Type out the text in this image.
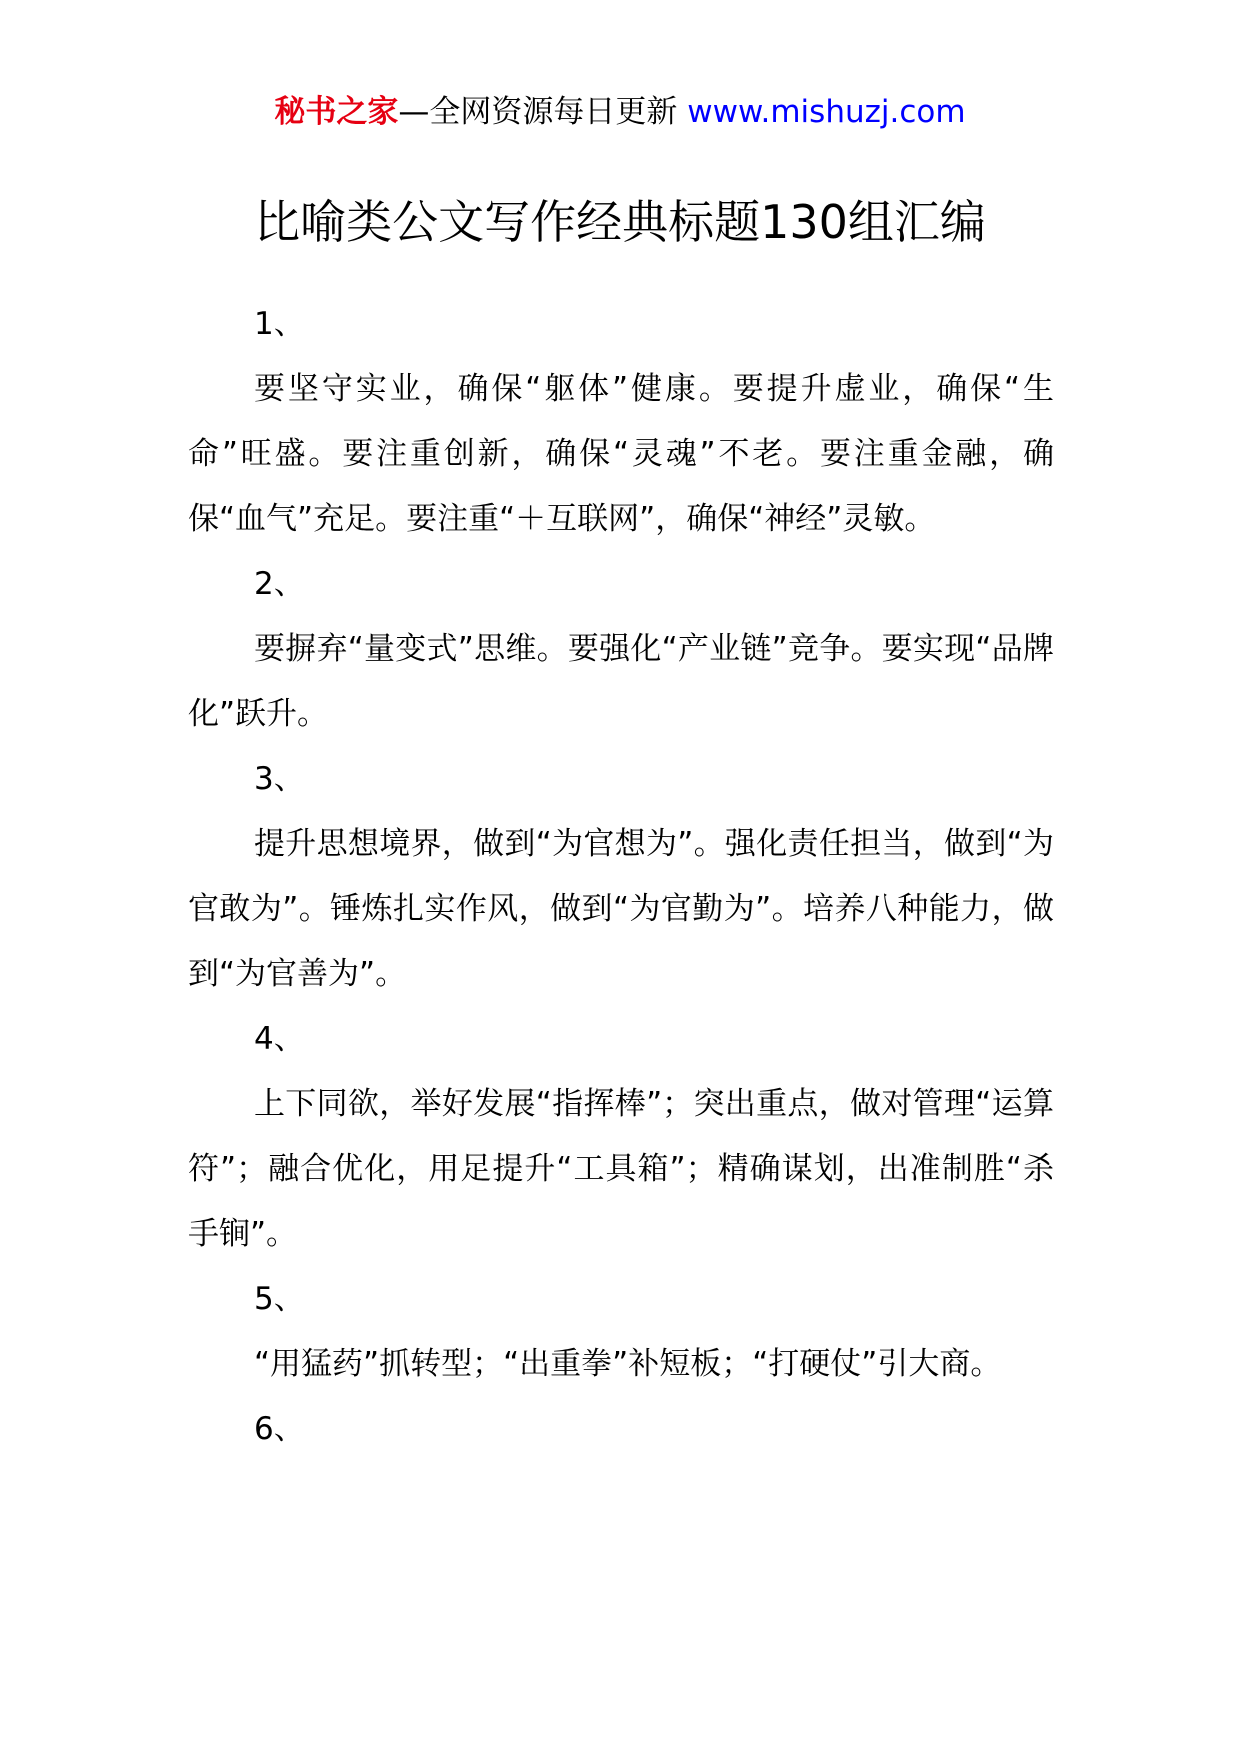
秘书之家—全网资源每日更新 www.mishuzj.com
比喻类公文写作经典标题130组汇编

1、

要坚守实业，确保“躯体”健康。要提升虚业，确保“生命”旺盛。要注重创新，确保“灵魂”不老。要注重金融，确保“血气”充足。要注重“＋互联网”，确保“神经”灵敏。

2、

要摒弃“量变式”思维。要强化“产业链”竞争。要实现“品牌化”跃升。

3、

提升思想境界，做到“为官想为”。强化责任担当，做到“为官敢为”。锤炼扎实作风，做到“为官勤为”。培养八种能力，做到“为官善为”。

4、

上下同欲，举好发展“指挥棒”；突出重点，做对管理“运算符”；融合优化，用足提升“工具箱”；精确谋划，出准制胜“杀手锏”。

5、

“用猛药”抓转型；“出重拳”补短板；“打硬仗”引大商。

6、
